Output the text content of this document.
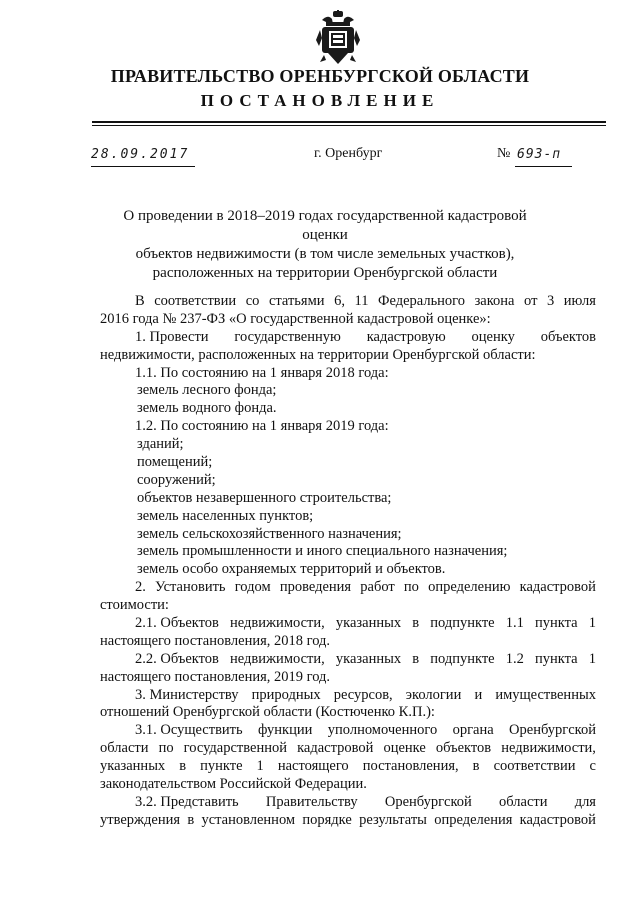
ПРАВИТЕЛЬСТВО ОРЕНБУРГСКОЙ ОБЛАСТИ
ПОСТАНОВЛЕНИЕ
28.09.2017	г. Оренбург	№ 693-п
О проведении в 2018–2019 годах государственной кадастровой оценки
объектов недвижимости (в том числе земельных участков),
расположенных на территории Оренбургской области
В соответствии со статьями 6, 11 Федерального закона от 3 июля
2016 года № 237-ФЗ «О государственной кадастровой оценке»:
1. Провести государственную кадастровую оценку объектов
недвижимости, расположенных на территории Оренбургской области:
1.1. По состоянию на 1 января 2018 года:
земель лесного фонда;
земель водного фонда.
1.2. По состоянию на 1 января 2019 года:
зданий;
помещений;
сооружений;
объектов незавершенного строительства;
земель населенных пунктов;
земель сельскохозяйственного назначения;
земель промышленности и иного специального назначения;
земель особо охраняемых территорий и объектов.
2. Установить годом проведения работ по определению кадастровой
стоимости:
2.1. Объектов недвижимости, указанных в подпункте 1.1 пункта 1
настоящего постановления, 2018 год.
2.2. Объектов недвижимости, указанных в подпункте 1.2 пункта 1
настоящего постановления, 2019 год.
3. Министерству природных ресурсов, экологии и имущественных
отношений Оренбургской области (Костюченко К.П.):
3.1. Осуществить функции уполномоченного органа Оренбургской
области по государственной кадастровой оценке объектов недвижимости,
указанных в пункте 1 настоящего постановления, в соответствии с
законодательством Российской Федерации.
3.2. Представить Правительству Оренбургской области для
утверждения в установленном порядке результаты определения кадастровой
